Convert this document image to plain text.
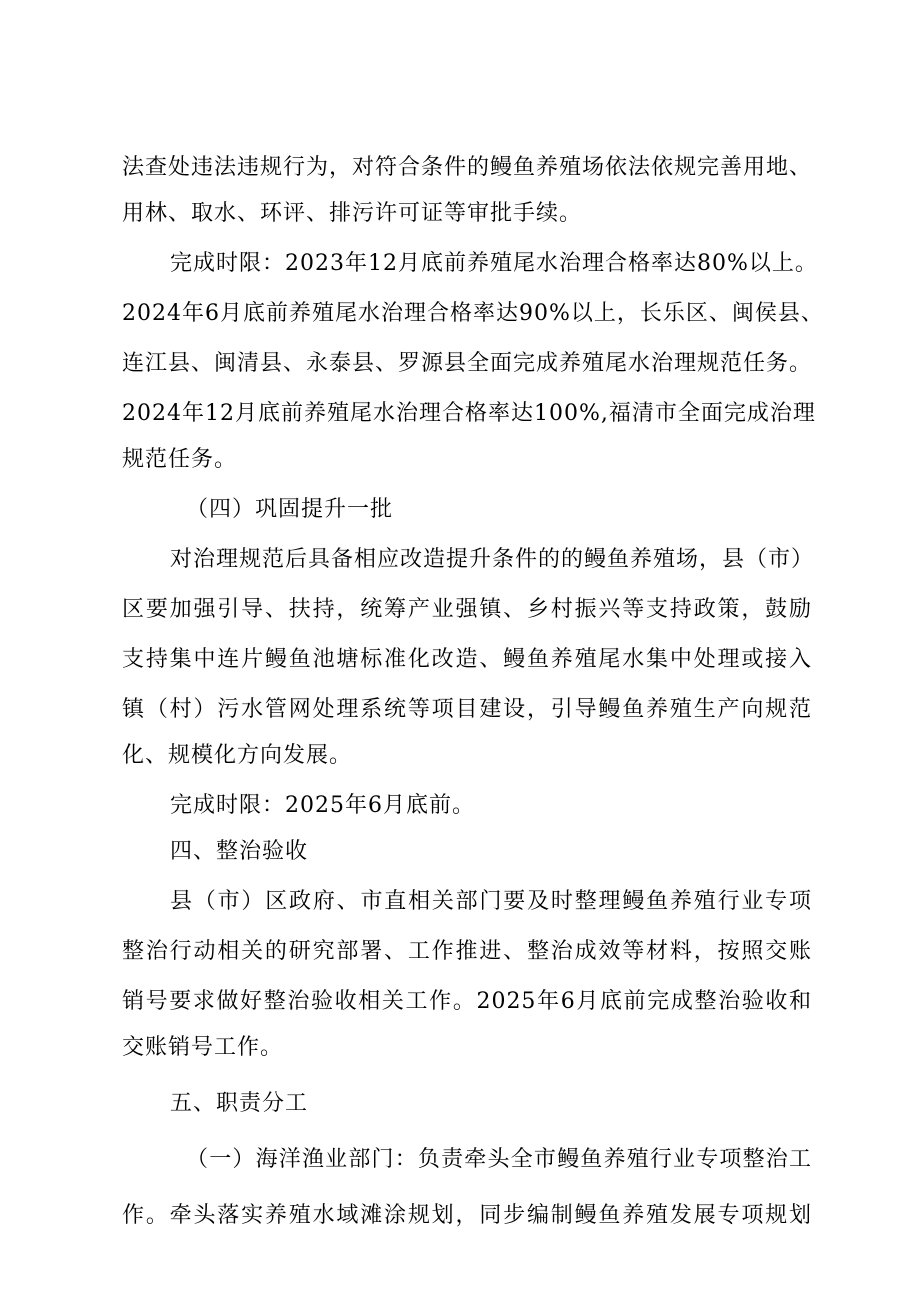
法查处违法违规行为，对符合条件的鳗鱼养殖场依法依规完善用地、
用林、取水、环评、排污许可证等审批手续。
完成时限：2023年12月底前养殖尾水治理合格率达80%以上。
2024年6月底前养殖尾水治理合格率达90%以上，长乐区、闽侯县、
连江县、闽清县、永泰县、罗源县全面完成养殖尾水治理规范任务。
2024年12月底前养殖尾水治理合格率达100%,福清市全面完成治理
规范任务。
（四）巩固提升一批
对治理规范后具备相应改造提升条件的的鳗鱼养殖场，县（市）
区要加强引导、扶持，统筹产业强镇、乡村振兴等支持政策，鼓励
支持集中连片鳗鱼池塘标准化改造、鳗鱼养殖尾水集中处理或接入
镇（村）污水管网处理系统等项目建设，引导鳗鱼养殖生产向规范
化、规模化方向发展。
完成时限：2025年6月底前。
四、整治验收
县（市）区政府、市直相关部门要及时整理鳗鱼养殖行业专项
整治行动相关的研究部署、工作推进、整治成效等材料，按照交账
销号要求做好整治验收相关工作。2025年6月底前完成整治验收和
交账销号工作。
五、职责分工
（一）海洋渔业部门：负责牵头全市鳗鱼养殖行业专项整治工
作。牵头落实养殖水域滩涂规划，同步编制鳗鱼养殖发展专项规划
